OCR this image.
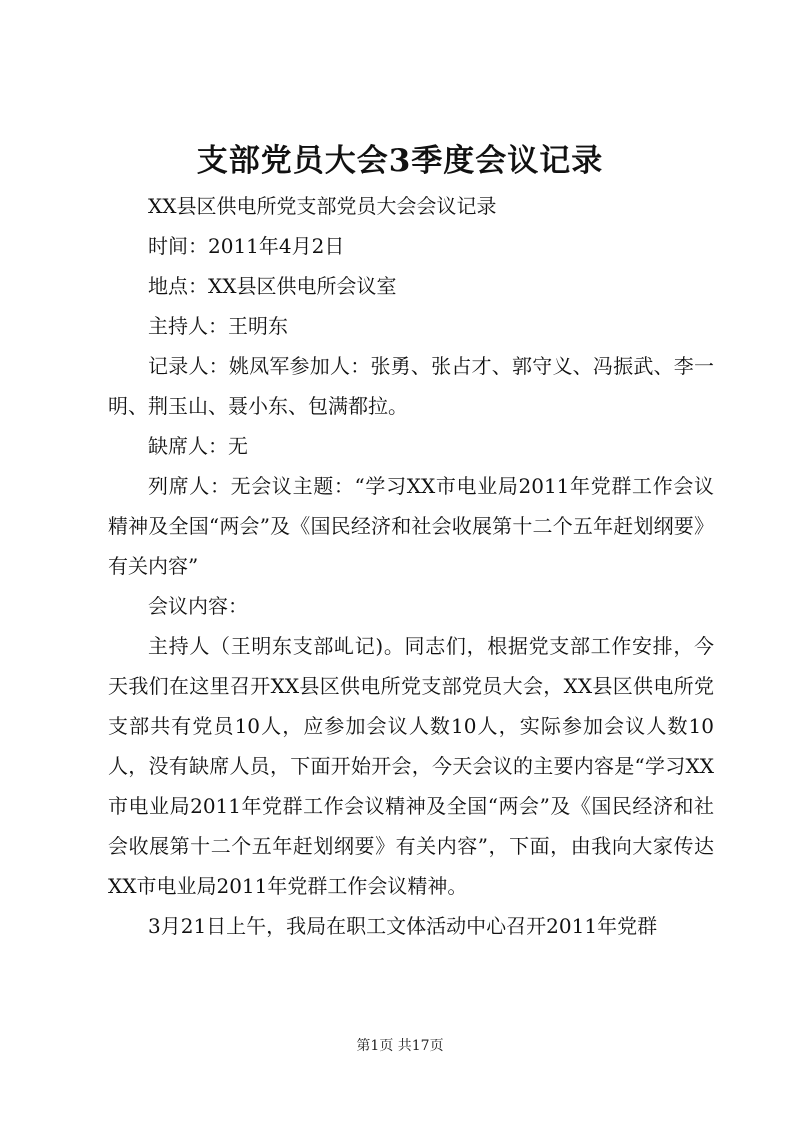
支部党员大会3季度会议记录

XX县区供电所党支部党员大会会议记录

时间：2011年4月2日

地点：XX县区供电所会议室

主持人：王明东

记录人：姚凤军参加人：张勇、张占才、郭守义、冯振武、李一明、荆玉山、聂小东、包满都拉。

缺席人：无

列席人：无会议主题：“学习XX市电业局2011年党群工作会议精神及全国“两会”及《国民经济和社会收展第十二个五年赶划纲要》有关内容”

会议内容：

主持人（王明东支部乢记)。同志们，根据党支部工作安排，今天我们在这里召开XX县区供电所党支部党员大会，XX县区供电所党支部共有党员10人，应参加会议人数10人，实际参加会议人数10人，没有缺席人员，下面开始开会，今天会议的主要内容是“学习XX市电业局2011年党群工作会议精神及全国“两会”及《国民经济和社会收展第十二个五年赶划纲要》有关内容”，下面，由我向大家传达XX市电业局2011年党群工作会议精神。

3月21日上午，我局在职工文体活动中心召开2011年党群

第1页 共17页
